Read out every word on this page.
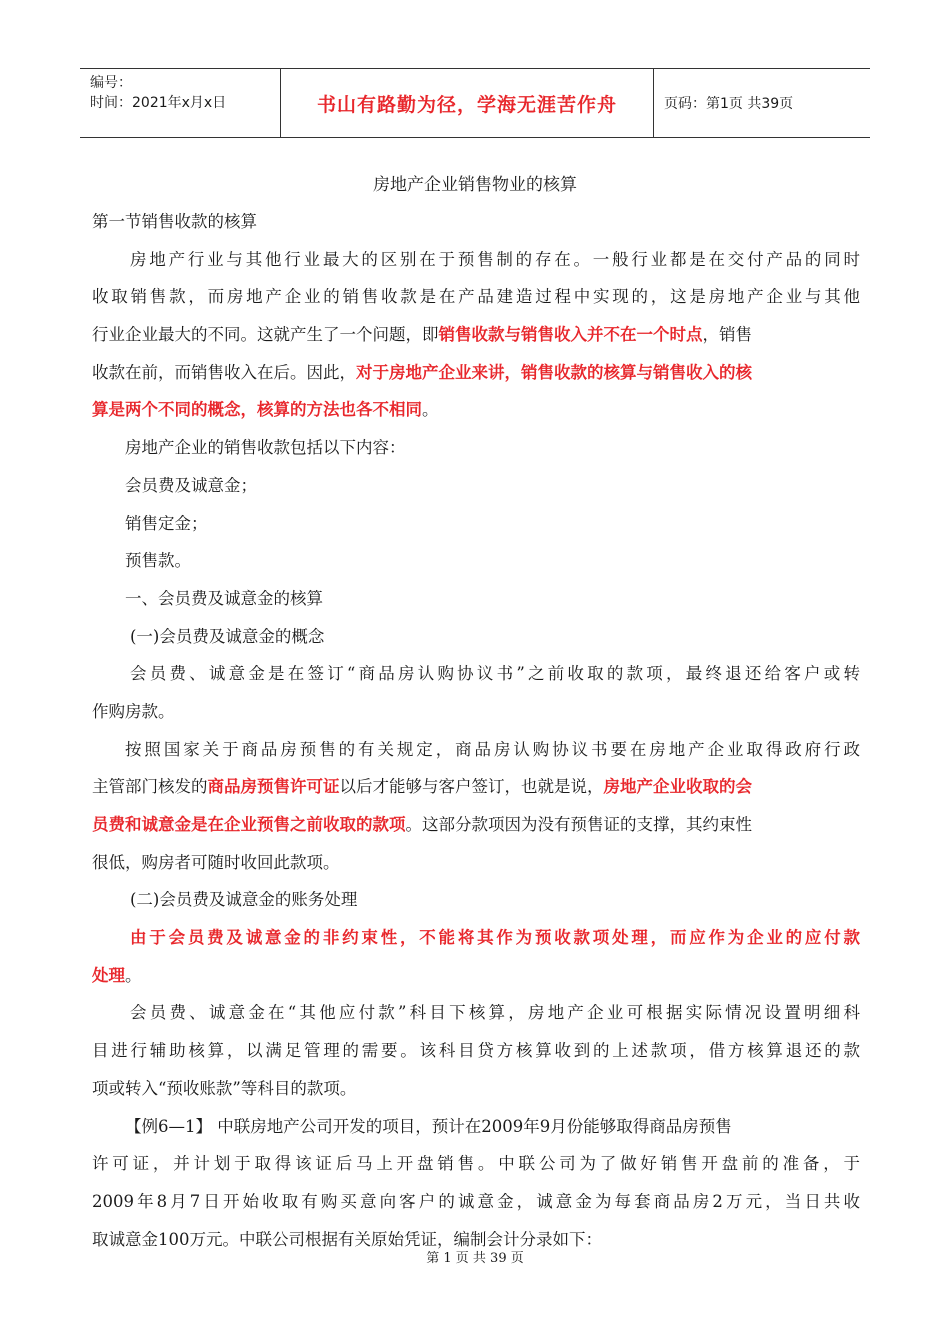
编号：
时间：2021年x月x日	书山有路勤为径，学海无涯苦作舟	页码：第1页 共39页
房地产企业销售物业的核算
第一节销售收款的核算
房地产行业与其他行业最大的区别在于预售制的存在。一般行业都是在交付产品的同时
收取销售款，而房地产企业的销售收款是在产品建造过程中实现的，这是房地产企业与其他
行业企业最大的不同。这就产生了一个问题，即销售收款与销售收入并不在一个时点，销售
收款在前，而销售收入在后。因此，对于房地产企业来讲，销售收款的核算与销售收入的核
算是两个不同的概念，核算的方法也各不相同。
房地产企业的销售收款包括以下内容：
会员费及诚意金；
销售定金；
预售款。
一、会员费及诚意金的核算
(一)会员费及诚意金的概念
会员费、诚意金是在签订“商品房认购协议书”之前收取的款项，最终退还给客户或转
作购房款。
按照国家关于商品房预售的有关规定，商品房认购协议书要在房地产企业取得政府行政
主管部门核发的商品房预售许可证以后才能够与客户签订，也就是说，房地产企业收取的会
员费和诚意金是在企业预售之前收取的款项。这部分款项因为没有预售证的支撑，其约束性
很低，购房者可随时收回此款项。
(二)会员费及诚意金的账务处理
由于会员费及诚意金的非约束性，不能将其作为预收款项处理，而应作为企业的应付款
处理。
会员费、诚意金在“其他应付款”科目下核算，房地产企业可根据实际情况设置明细科
目进行辅助核算，以满足管理的需要。该科目贷方核算收到的上述款项，借方核算退还的款
项或转入“预收账款”等科目的款项。
【例6—1】 中联房地产公司开发的项目，预计在2009年9月份能够取得商品房预售
许可证，并计划于取得该证后马上开盘销售。中联公司为了做好销售开盘前的准备，于
2009年8月7日开始收取有购买意向客户的诚意金，诚意金为每套商品房2万元，当日共收
取诚意金100万元。中联公司根据有关原始凭证，编制会计分录如下：
第 1 页 共 39 页
